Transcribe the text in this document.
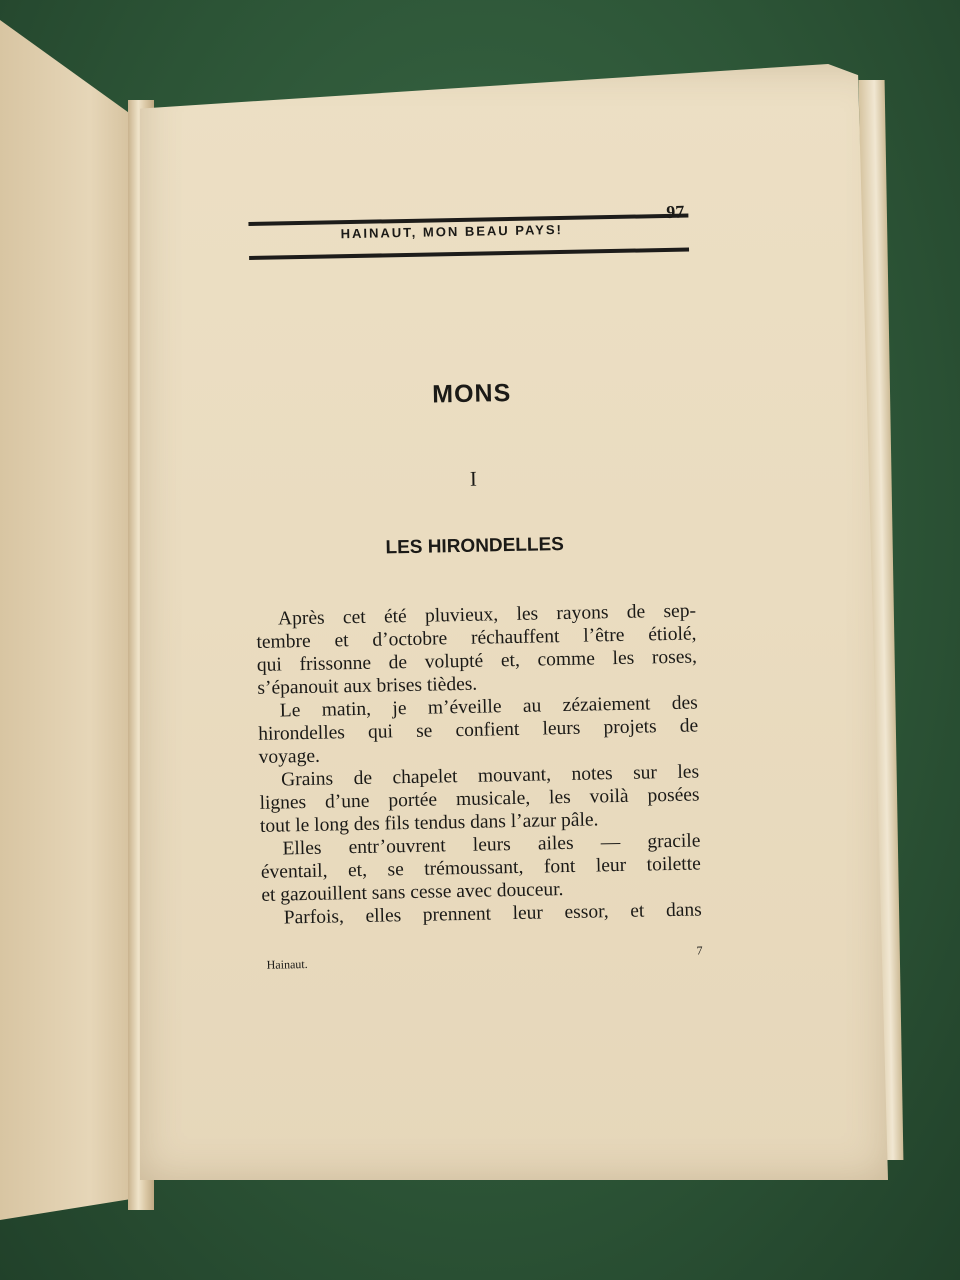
HAINAUT, MON BEAU PAYS!
97
MONS
I
LES HIRONDELLES
Après cet été pluvieux, les rayons de sep-
tembre et d’octobre réchauffent l’être étiolé,
qui frissonne de volupté et, comme les roses,
s’épanouit aux brises tièdes.
Le matin, je m’éveille au zézaiement des
hirondelles qui se confient leurs projets de
voyage.
Grains de chapelet mouvant, notes sur les
lignes d’une portée musicale, les voilà posées
tout le long des fils tendus dans l’azur pâle.
Elles entr’ouvrent leurs ailes — gracile
éventail, et, se trémoussant, font leur toilette
et gazouillent sans cesse avec douceur.
Parfois, elles prennent leur essor, et dans
Hainaut.
7
